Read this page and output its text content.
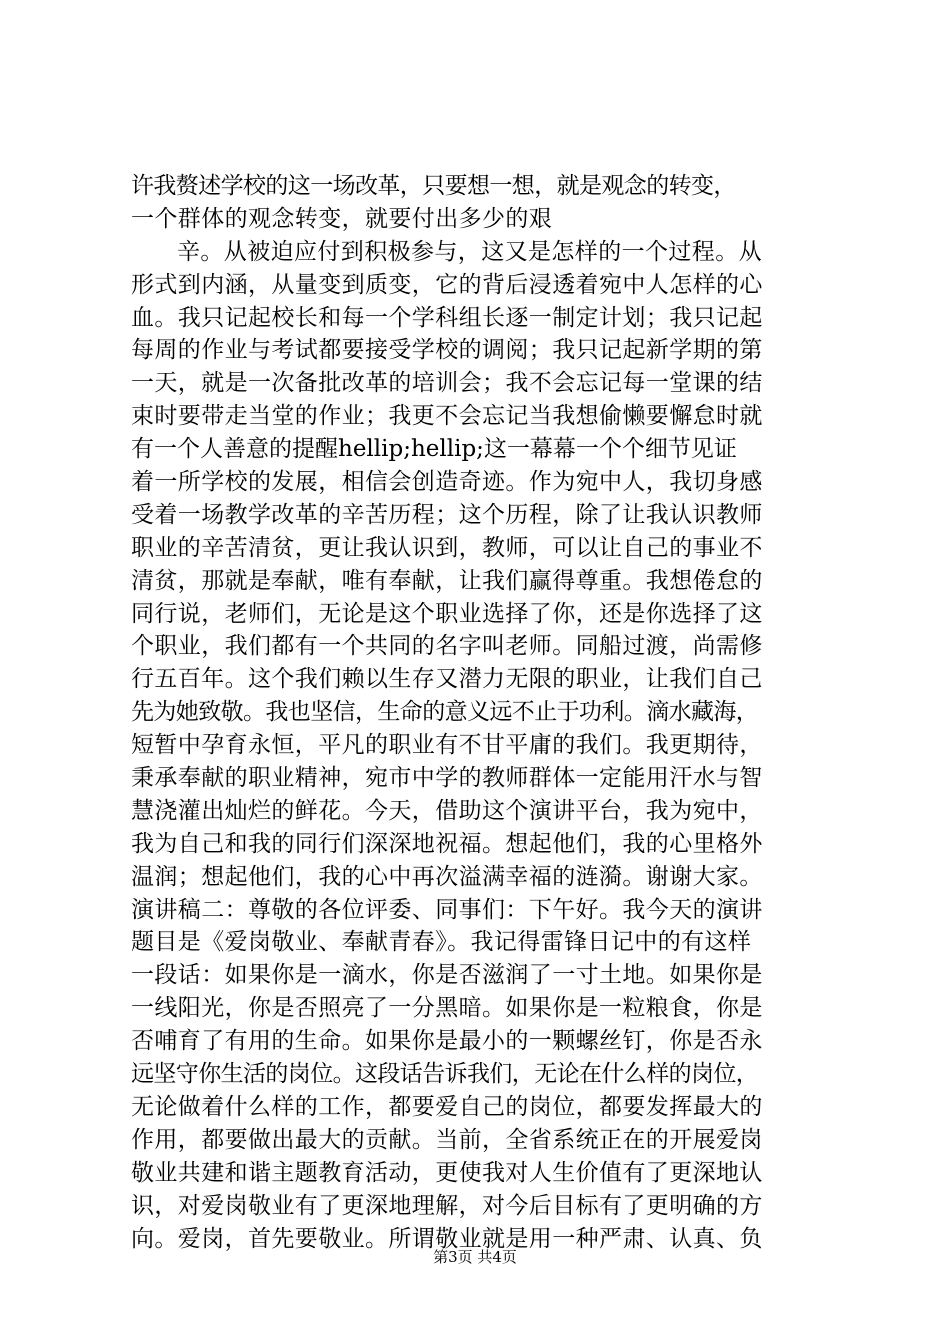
许我赘述学校的这一场改革，只要想一想，就是观念的转变，
一个群体的观念转变，就要付出多少的艰
辛。从被迫应付到积极参与，这又是怎样的一个过程。从
形式到内涵，从量变到质变，它的背后浸透着宛中人怎样的心
血。我只记起校长和每一个学科组长逐一制定计划；我只记起
每周的作业与考试都要接受学校的调阅；我只记起新学期的第
一天，就是一次备批改革的培训会；我不会忘记每一堂课的结
束时要带走当堂的作业；我更不会忘记当我想偷懒要懈怠时就
有一个人善意的提醒hellip;hellip;这一幕幕一个个细节见证
着一所学校的发展，相信会创造奇迹。作为宛中人，我切身感
受着一场教学改革的辛苦历程；这个历程，除了让我认识教师
职业的辛苦清贫，更让我认识到，教师，可以让自己的事业不
清贫，那就是奉献，唯有奉献，让我们赢得尊重。我想倦怠的
同行说，老师们，无论是这个职业选择了你，还是你选择了这
个职业，我们都有一个共同的名字叫老师。同船过渡，尚需修
行五百年。这个我们赖以生存又潜力无限的职业，让我们自己
先为她致敬。我也坚信，生命的意义远不止于功利。滴水藏海，
短暂中孕育永恒，平凡的职业有不甘平庸的我们。我更期待，
秉承奉献的职业精神，宛市中学的教师群体一定能用汗水与智
慧浇灌出灿烂的鲜花。今天，借助这个演讲平台，我为宛中，
我为自己和我的同行们深深地祝福。想起他们，我的心里格外
温润；想起他们，我的心中再次溢满幸福的涟漪。谢谢大家。
演讲稿二：尊敬的各位评委、同事们：下午好。我今天的演讲
题目是《爱岗敬业、奉献青春》。我记得雷锋日记中的有这样
一段话：如果你是一滴水，你是否滋润了一寸土地。如果你是
一线阳光，你是否照亮了一分黑暗。如果你是一粒粮食，你是
否哺育了有用的生命。如果你是最小的一颗螺丝钉，你是否永
远坚守你生活的岗位。这段话告诉我们，无论在什么样的岗位，
无论做着什么样的工作，都要爱自己的岗位，都要发挥最大的
作用，都要做出最大的贡献。当前，全省系统正在的开展爱岗
敬业共建和谐主题教育活动，更使我对人生价值有了更深地认
识，对爱岗敬业有了更深地理解，对今后目标有了更明确的方
向。爱岗，首先要敬业。所谓敬业就是用一种严肃、认真、负
第3页 共4页
